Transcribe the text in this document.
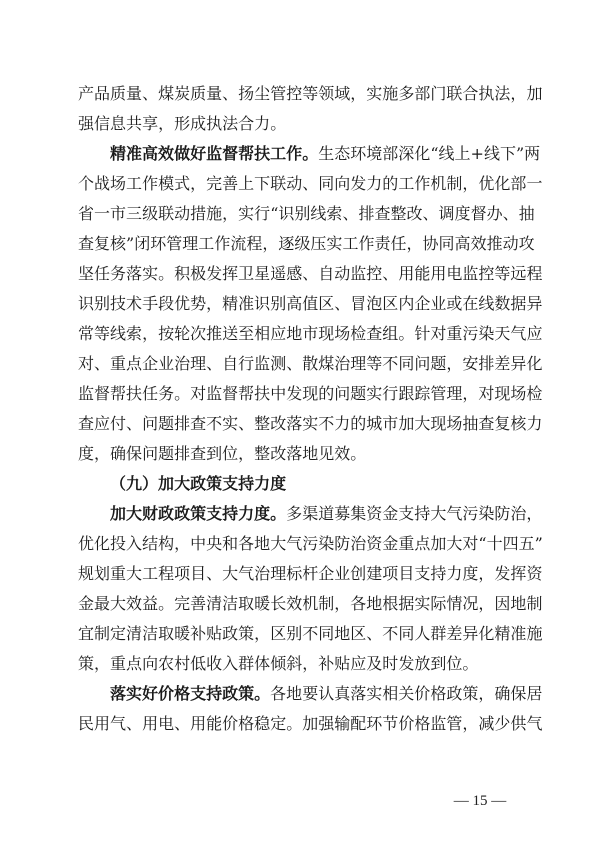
产 品 质 量 、 煤 炭 质 量 、 扬 尘 管 控 等 领 域 ， 实 施 多 部 门 联 合 执 法 ， 加
强 信 息 共 享 ， 形 成 执 法 合 力 。
精 准 高 效 做 好 监 督 帮 扶 工 作 。 生 态 环 境 部 深 化 “ 线 上 + 线 下 ” 两
个 战 场 工 作 模 式 ， 完 善 上 下 联 动 、 同 向 发 力 的 工 作 机 制 ， 优 化 部 一
省 一 市 三 级 联 动 措 施 ， 实 行 “ 识 别 线 索 、 排 查 整 改 、 调 度 督 办 、 抽
查 复 核 ” 闭 环 管 理 工 作 流 程 ， 逐 级 压 实 工 作 责 任 ， 协 同 高 效 推 动 攻
坚 任 务 落 实 。 积 极 发 挥 卫 星 遥 感 、 自 动 监 控 、 用 能 用 电 监 控 等 远 程
识 别 技 术 手 段 优 势 ， 精 准 识 别 高 值 区 、 冒 泡 区 内 企 业 或 在 线 数 据 异
常 等 线 索 ， 按 轮 次 推 送 至 相 应 地 市 现 场 检 查 组 。 针 对 重 污 染 天 气 应
对 、 重 点 企 业 治 理 、 自 行 监 测 、 散 煤 治 理 等 不 同 问 题 ， 安 排 差 异 化
监 督 帮 扶 任 务 。 对 监 督 帮 扶 中 发 现 的 问 题 实 行 跟 踪 管 理 ， 对 现 场 检
查 应 付 、 问 题 排 查 不 实 、 整 改 落 实 不 力 的 城 市 加 大 现 场 抽 查 复 核 力
度 ， 确 保 问 题 排 查 到 位 ， 整 改 落 地 见 效 。
（ 九 ） 加 大 政 策 支 持 力 度
加 大 财 政 政 策 支 持 力 度 。 多 渠 道 募 集 资 金 支 持 大 气 污 染 防 治 ，
优 化 投 入 结 构 ， 中 央 和 各 地 大 气 污 染 防 治 资 金 重 点 加 大 对 “ 十 四 五 ”
规 划 重 大 工 程 项 目 、 大 气 治 理 标 杆 企 业 创 建 项 目 支 持 力 度 ， 发 挥 资
金 最 大 效 益 。 完 善 清 洁 取 暖 长 效 机 制 ， 各 地 根 据 实 际 情 况 ， 因 地 制
宜 制 定 清 洁 取 暖 补 贴 政 策 ， 区 别 不 同 地 区 、 不 同 人 群 差 异 化 精 准 施
策 ， 重 点 向 农 村 低 收 入 群 体 倾 斜 ， 补 贴 应 及 时 发 放 到 位 。
落 实 好 价 格 支 持 政 策 。 各 地 要 认 真 落 实 相 关 价 格 政 策 ， 确 保 居
民 用 气 、 用 电 、 用 能 价 格 稳 定 。 加 强 输 配 环 节 价 格 监 管 ， 减 少 供 气
— 15 —
